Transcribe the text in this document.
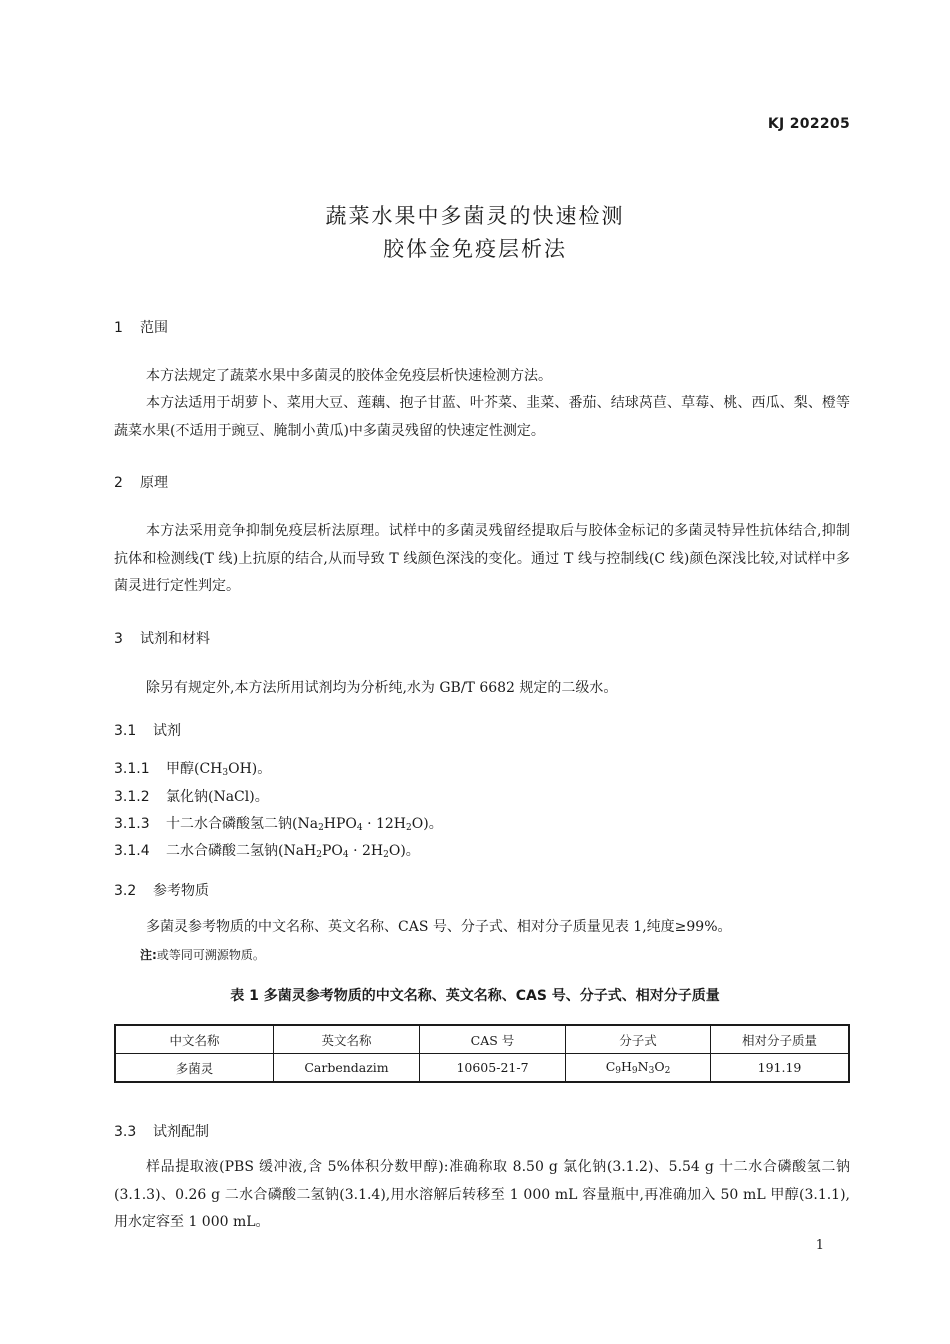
KJ 202205
蔬菜水果中多菌灵的快速检测
胶体金免疫层析法
1 范围
本方法规定了蔬菜水果中多菌灵的胶体金免疫层析快速检测方法。
本方法适用于胡萝卜、菜用大豆、莲藕、抱子甘蓝、叶芥菜、韭菜、番茄、结球莴苣、草莓、桃、西瓜、梨、橙等蔬菜水果(不适用于豌豆、腌制小黄瓜)中多菌灵残留的快速定性测定。
2 原理
本方法采用竞争抑制免疫层析法原理。试样中的多菌灵残留经提取后与胶体金标记的多菌灵特异性抗体结合,抑制抗体和检测线(T 线)上抗原的结合,从而导致 T 线颜色深浅的变化。通过 T 线与控制线(C 线)颜色深浅比较,对试样中多菌灵进行定性判定。
3 试剂和材料
除另有规定外,本方法所用试剂均为分析纯,水为 GB/T 6682 规定的二级水。
3.1 试剂
3.1.1 甲醇$(CH_3OH)$。
3.1.2 氯化钠(NaCl)。
3.1.3 十二水合磷酸氢二钠$(Na_2HPO_4 \cdot 12H_2O)$。
3.1.4 二水合磷酸二氢钠$(NaH_2PO_4 \cdot 2H_2O)$。
3.2 参考物质
多菌灵参考物质的中文名称、英文名称、CAS 号、分子式、相对分子质量见表 1,纯度≥99%。
注:或等同可溯源物质。
表 1 多菌灵参考物质的中文名称、英文名称、CAS 号、分子式、相对分子质量
中文名称	英文名称	CAS 号	分子式	相对分子质量
多菌灵	Carbendazim	10605-21-7	$C_9H_9N_3O_2$	191.19
3.3 试剂配制
样品提取液(PBS 缓冲液,含 5%体积分数甲醇):准确称取 8.50 g 氯化钠(3.1.2)、5.54 g 十二水合磷酸氢二钠(3.1.3)、0.26 g 二水合磷酸二氢钠(3.1.4),用水溶解后转移至 1 000 mL 容量瓶中,再准确加入 50 mL 甲醇(3.1.1),用水定容至 1 000 mL。
1
